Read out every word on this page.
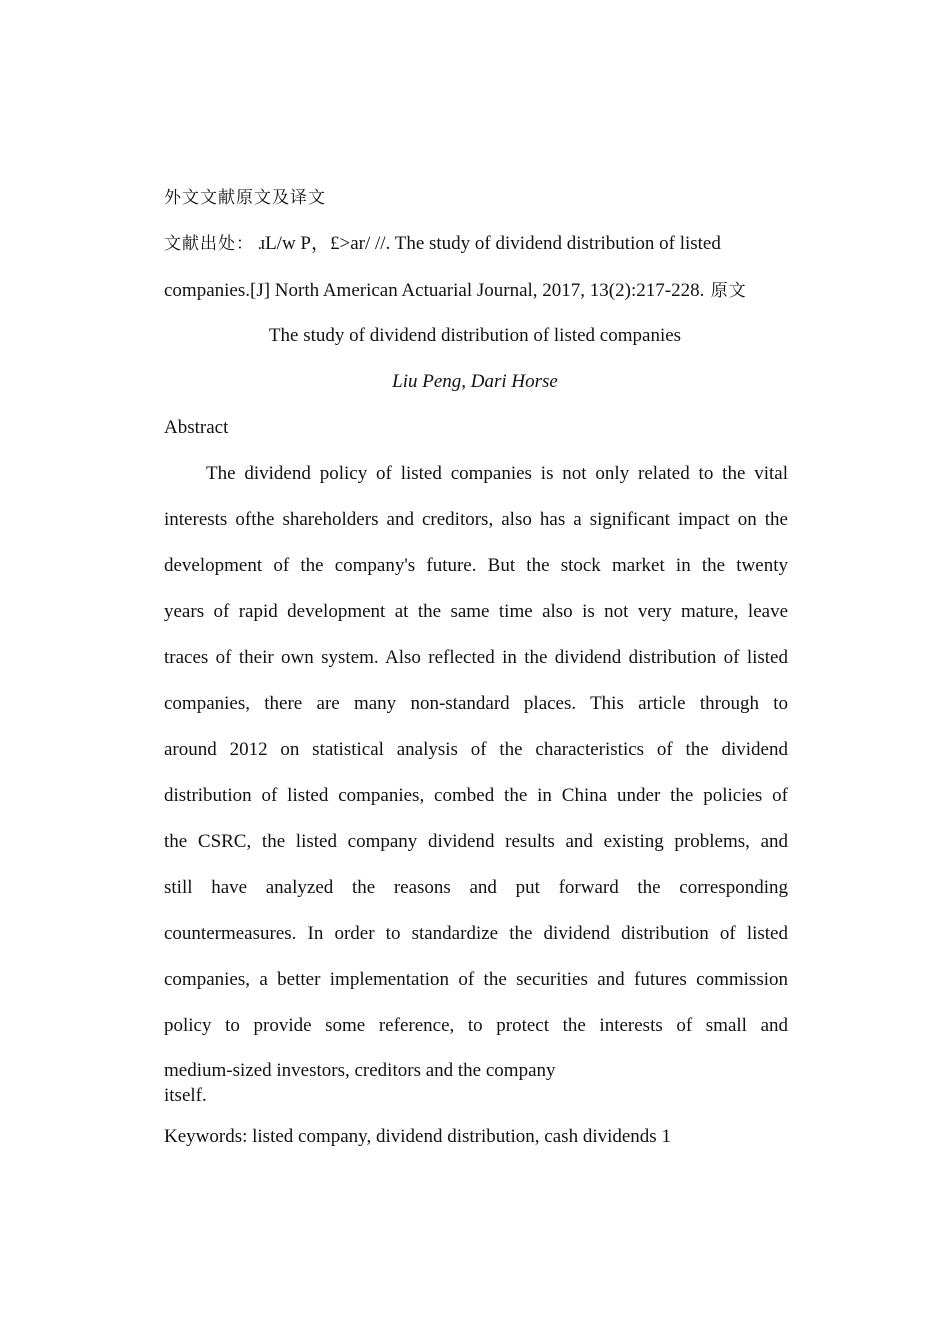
外文文献原文及译文
文献出处： ɹL/w P，£>ar/ //. The study of dividend distribution of listed
companies.[J] North American Actuarial Journal, 2017, 13(2):217-228. 原文
The study of dividend distribution of listed companies
Liu Peng, Dari Horse
Abstract
The dividend policy of listed companies is not only related to the vital
interests ofthe shareholders and creditors, also has a significant impact on the
development of the company's future. But the stock market in the twenty
years of rapid development at the same time also is not very mature, leave
traces of their own system. Also reflected in the dividend distribution of listed
companies, there are many non-standard places. This article through to
around 2012 on statistical analysis of the characteristics of the dividend
distribution of listed companies, combed the in China under the policies of
the CSRC, the listed company dividend results and existing problems, and
still have analyzed the reasons and put forward the corresponding
countermeasures. In order to standardize the dividend distribution of listed
companies, a better implementation of the securities and futures commission
policy to provide some reference, to protect the interests of small and
medium-sized investors, creditors and the company
itself.
Keywords: listed company, dividend distribution, cash dividends 1
